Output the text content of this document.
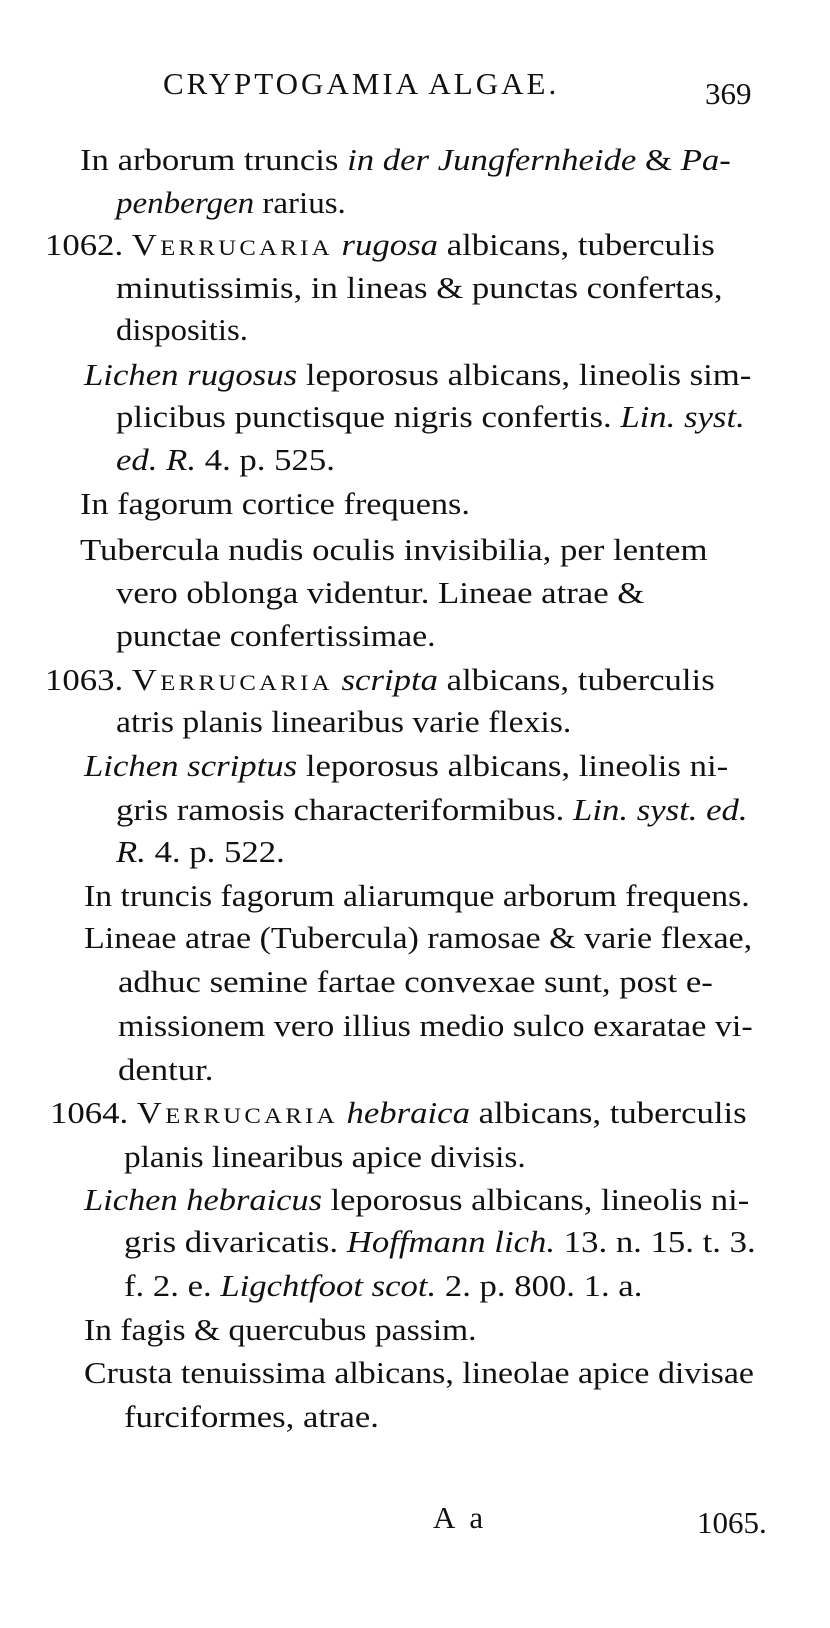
CRYPTOGAMIA ALGAE.	369
In arborum truncis in der Jungfernheide & Pa-
penbergen rarius.
1062. Verrucaria rugosa albicans, tuberculis
minutissimis, in lineas & punctas confertas,
dispositis.
Lichen rugosus leporosus albicans, lineolis sim-
plicibus punctisque nigris confertis. Lin. syst.
ed. R. 4. p. 525.
In fagorum cortice frequens.
Tubercula nudis oculis invisibilia, per lentem
vero oblonga videntur. Lineae atrae &
punctae confertissimae.
1063. Verrucaria scripta albicans, tuberculis
atris planis linearibus varie flexis.
Lichen scriptus leporosus albicans, lineolis ni-
gris ramosis characteriformibus. Lin. syst. ed.
R. 4. p. 522.
In truncis fagorum aliarumque arborum frequens.
Lineae atrae (Tubercula) ramosae & varie flexae,
adhuc semine fartae convexae sunt, post e-
missionem vero illius medio sulco exaratae vi-
dentur.
1064. Verrucaria hebraica albicans, tuberculis
planis linearibus apice divisis.
Lichen hebraicus leporosus albicans, lineolis ni-
gris divaricatis. Hoffmann lich. 13. n. 15. t. 3.
f. 2. e. Ligchtfoot scot. 2. p. 800. 1. a.
In fagis & quercubus passim.
Crusta tenuissima albicans, lineolae apice divisae
furciformes, atrae.
A a	1065.
